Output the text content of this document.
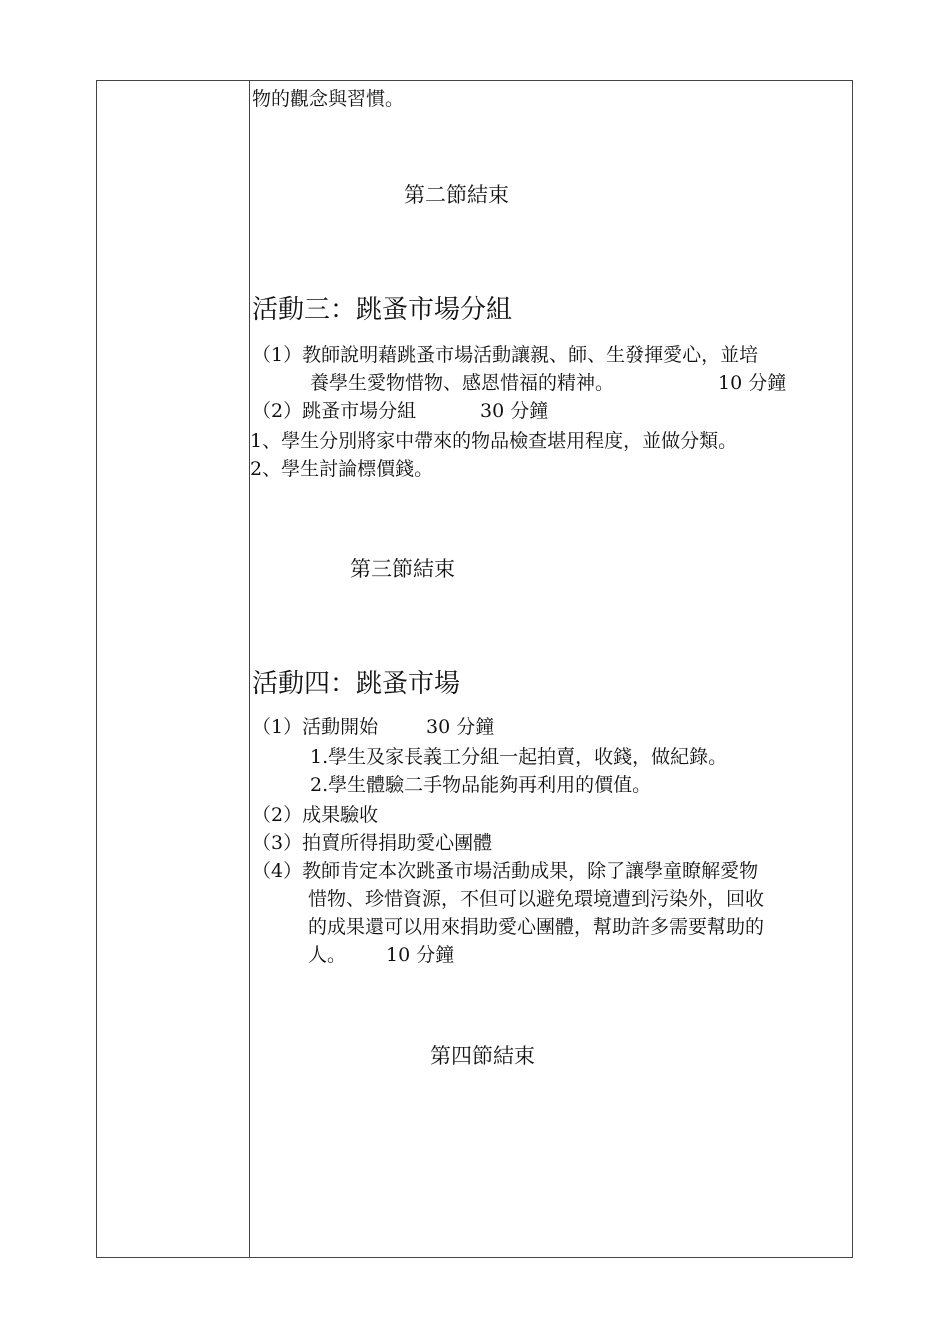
物的觀念與習慣。
第二節結束
活動三：跳蚤市場分組
（1）教師說明藉跳蚤市場活動讓親、師、生發揮愛心，並培
養學生愛物惜物、感恩惜福的精神。	10 分鐘
（2）跳蚤市場分組	30 分鐘
1、學生分別將家中帶來的物品檢查堪用程度，並做分類。
2、學生討論標價錢。
第三節結束
活動四：跳蚤市場
（1）活動開始	30 分鐘
1.學生及家長義工分組一起拍賣，收錢，做紀錄。
2.學生體驗二手物品能夠再利用的價值。
（2）成果驗收
（3）拍賣所得捐助愛心團體
（4）教師肯定本次跳蚤市場活動成果，除了讓學童瞭解愛物
惜物、珍惜資源，不但可以避免環境遭到污染外，回收
的成果還可以用來捐助愛心團體，幫助許多需要幫助的
人。 10 分鐘
第四節結束
